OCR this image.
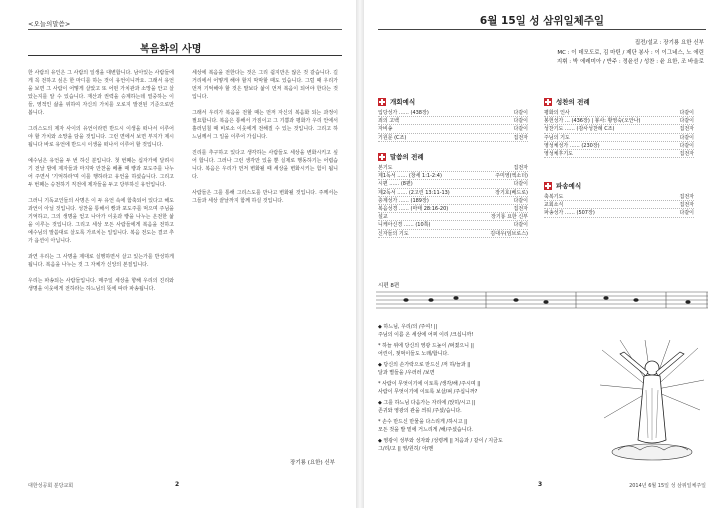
<오늘의말씀>
복음화의 사명

한 사람의 유인은 그 사람의 일생을 대변합니다. 남아있는 사람들에게 꼭 전하고 싶은 한 마디를 하는 것이 유언이니까요. 그래서 유언을 보면 그 사람이 어떻게 살았고 또 어떤 가치관과 소망을 안고 살았는지를 알 수 있습니다. 재산과 권력을 승계하는데 열중하는 이들, 영적인 삶을 위하여 자신의 가치를 오로지 발전된 기준으로만 봅니다.

그리스도의 제자 사이의 유언이라면 반드시 이생을 떠나서 이루어야 할 가치와 소망을 담을 것입니다. 그런 면에서 보면 부지가 제시됩니다 바로 유언에 반드시 이생을 떠나서 이루어 할 것입니다.

예수님은 유언을 두 번 하신 분입니다. 첫 번째는 십자가에 달려시기 전날 밤에 제자들과 마지막 만찬을 베풀 때 빵과 포도주를 나누어 주면서 '기억하라'며 이를 행하라고 유언을 하셨습니다. 그리고 두 번째는 승천하기 직전에 제자들을 두고 당부하신 유언입니다.

그러니 기독교인들의 사명은 이 두 유언 속에 함축되어 있다고 해도 과언이 아닐 것입니다. 성찬을 통해서 빵과 포도주를 먹으며 주님을 기억하고, 그의 생명을 얻고 나아가 이웃과 빵을 나누는 온전한 삶을 이루는 것입니다. 그리고 세상 모든 사람들에게 복음을 전하고 예수님의 말씀대로 살도록 가르치는 일입니다. 복음 전도는 결코 추가 옵션이 아닙니다.

과연 우리는 그 사명을 제대로 실행하면서 살고 있는가를 반성하게 됩니다. 복음을 나누는 것 그 자체가 신앙의 본질입니다.

우리는 파송되는 사람들입니다. 매주일 세상을 향해 우리의 진리와 생명을 이웃에게 전하라는 하느님의 뜻에 따라 파송됩니다.

세상에 복음을 전한다는 것은 그리 쉽지만은 않은 것 같습니다. 길거리에서 어떻게 해야 할지 막막할 때도 있습니다. 그럴 때 우리가 먼저 기억해야 할 것은 말보다 삶이 먼저 복음이 되어야 한다는 것입니다.

그래서 우리가 복음을 전할 때는 먼저 자신의 복음화 되는 과정이 필요합니다. 복음은 통해서 가짐이고 그 기쁨과 평화가 우리 안에서 흘러넘칠 때 비로소 이웃에게 전해질 수 있는 것입니다. 그리고 하느님께서 그 일을 이루어 가십니다.

진리를 추구하고 있다고 생각하는 사람들도 세상을 변화시키고 싶어 합니다. 그러나 그런 생각만 있을 뿐 실제로 행동하기는 어렵습니다. 복음은 우리가 먼저 변화될 때 세상을 변화시키는 힘이 됩니다.

사람들은 그를 통해 그리스도를 만나고 변화될 것입니다. 주께서는 그들과 세상 끝날까지 함께 하실 것입니다.

장기룡 (요한) 신부
대한성공회 분당교회	2
6월 15일 성 삼위일체주일
집전/설교 : 장기룡 요한 신부
MC : 이 데모도로, 김 마틴 / 제단 봉사 : 이 이그네스, 노 에린
지휘 : 박 에레미아 / 반주 : 정윤선 / 성찬 : 윤 요한, 조 바울로
개회예식
입당성가 …… (438장)	다같이
죄의 고백	다같이
자비송	다같이
기원문 (C조)	집전자
말씀의 전례
본기도	집전자
제1독서 …… (창세 1:1-2:4)	주미영(엑소더)
시편 …… (8편)	다같이
제2독서 …… (2고린 13:11-13)	장기호(베드로)
층계성가 …… (189장)	다같이
복음성경 …… (마태 28:16-20)	집전자
설교	장기룡 요한 신부
니케아신경 …… (10쪽)	다같이
신자들의 기도	김대우(임브로스)
성찬의 전례
평화의 인사	다같이
봉헌성가 … (436장) | 봉사: 황영숙(오안나)	다같이
성찬기도 …… (감사성찬례 C조)	집전자
주님의 기도	다같이
영성체성가 …… (230장)	다같이
영성체후기도	집전자
파송예식
축복기도	집전자
교회소식	집전자
파송성가 …… (507장)	다같이
시편 8편
◆ 하느님, 우리/의 /주여! ||
주님의 이름 온 세상에 어찌 이리 /크십니까!
* 하늘 위에 당신의 영광 드높이 /퍼졌으니 ||
어린이, 젖먹이들도 노래/합니다.
◆ 당신의 손가락으로 만드신 /저 하/늘과 ||
달과 별들을 /우러러 /보면
* 사람이 무엇이기에 이토록 /생각/해 /주시며 ||
사람이 무엇이기에 이토록 보살/펴 /주십니까?
◆ 그를 하느님 다음가는 자리에 /앉히/시고 ||
존귀와 영광의 관을 씌워 /주셨/습니다.
* 손수 만드신 만물을 다스리게 /하시고 ||
모든 것을 발 밑에 거느리게 /해/주셨습니다.
◆ 영광이 성부와 성자와 /성령께 || 처음과 / 같이 / 지금도
그/리/고 || 영/원히/ 아/멘
3	2014년 6월 15일 성 삼위일체주일
